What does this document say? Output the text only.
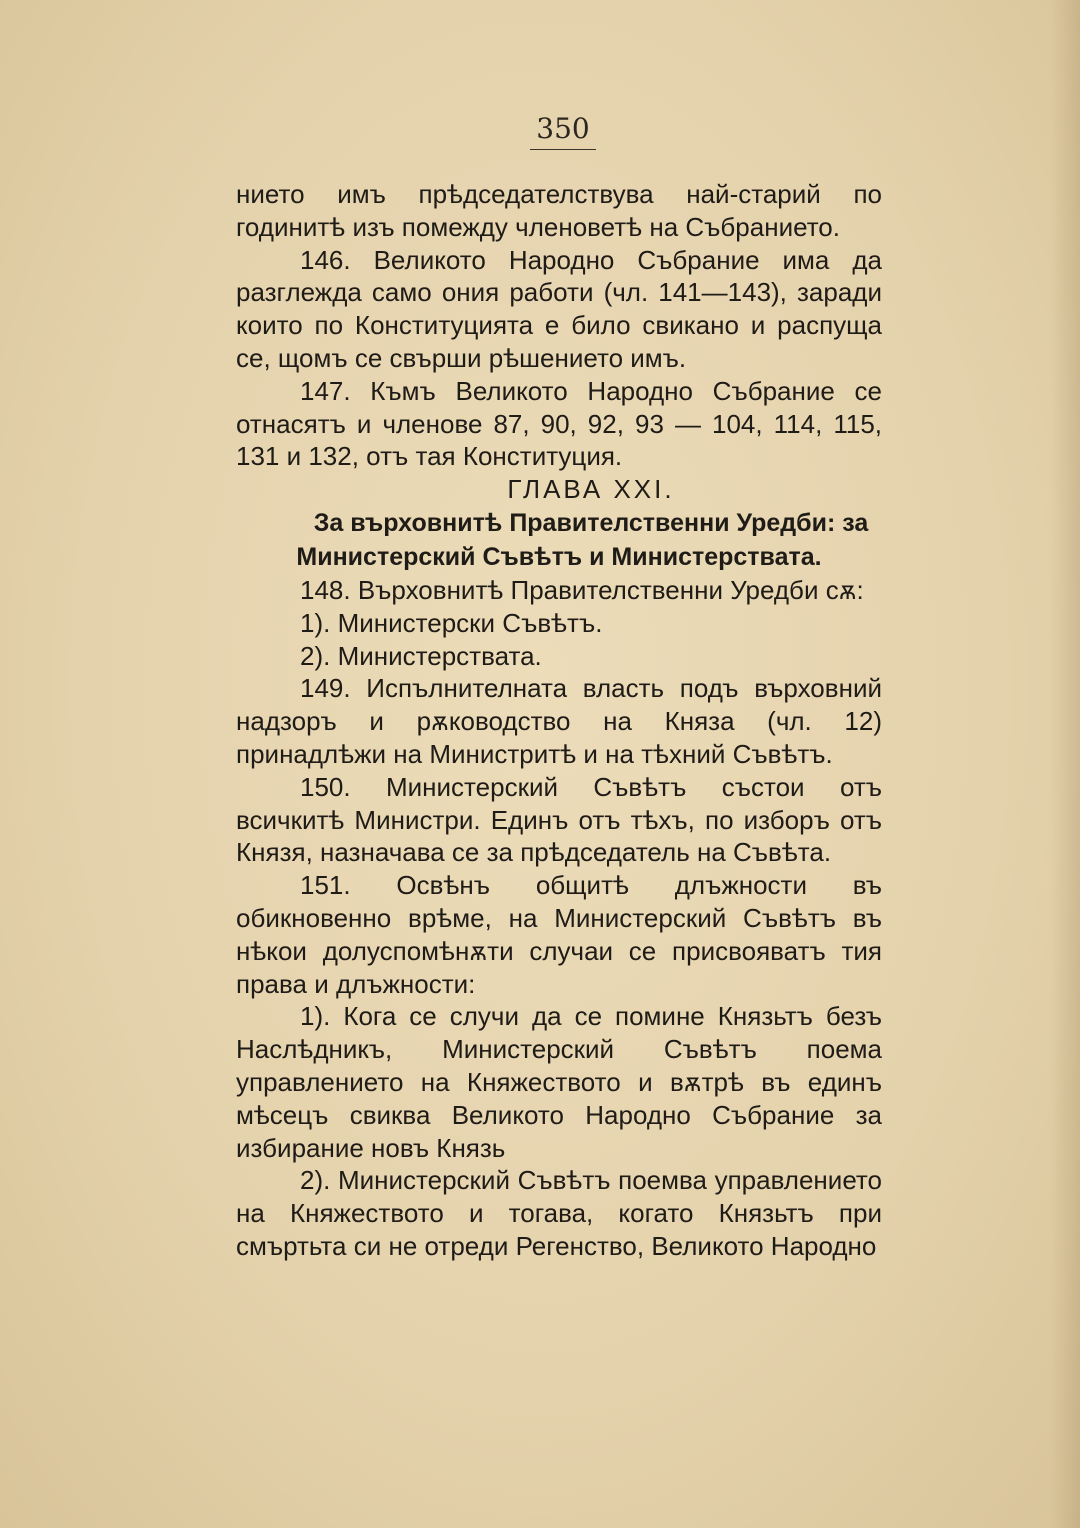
350

нието имъ прѣдседателствува най-старий по годинитѣ изъ помежду членоветѣ на Събранието.

146. Великото Народно Събрание има да разглежда само ония работи (чл. 141—143), заради които по Конституцията е било свикано и распуща се, щомъ се свърши рѣшението имъ.

147. Къмъ Великото Народно Събрание се отнасятъ и членове 87, 90, 92, 93 — 104, 114, 115, 131 и 132, отъ тая Конституция.

ГЛАВА XXI.

За върховнитѣ Правителственни Уредби: за Министерский Съвѣтъ и Министерствата.

148. Върховнитѣ Правителственни Уредби сѫ:

1). Министерски Съвѣтъ.

2). Министерствата.

149. Испълнителната власть подъ върховний надзоръ и рѫководство на Княза (чл. 12) принадлѣжи на Министритѣ и на тѣхний Съвѣтъ.

150. Министерский Съвѣтъ състои отъ всичкитѣ Министри. Единъ отъ тѣхъ, по изборъ отъ Князя, назначава се за прѣдседатель на Съвѣта.

151. Освѣнъ общитѣ длъжности въ обикновенно врѣме, на Министерский Съвѣтъ въ нѣкои долуспомѣнѫти случаи се присвояватъ тия права и длъжности:

1). Кога се случи да се помине Князьтъ безъ Наслѣдникъ, Министерский Съвѣтъ поема управлението на Княжеството и вѫтрѣ въ единъ мѣсецъ свиква Великото Народно Събрание за избирание новъ Князь

2). Министерский Съвѣтъ поемва управлението на Княжеството и тогава, когато Князьтъ при смъртьта си не отреди Регенство, Великото Народно
